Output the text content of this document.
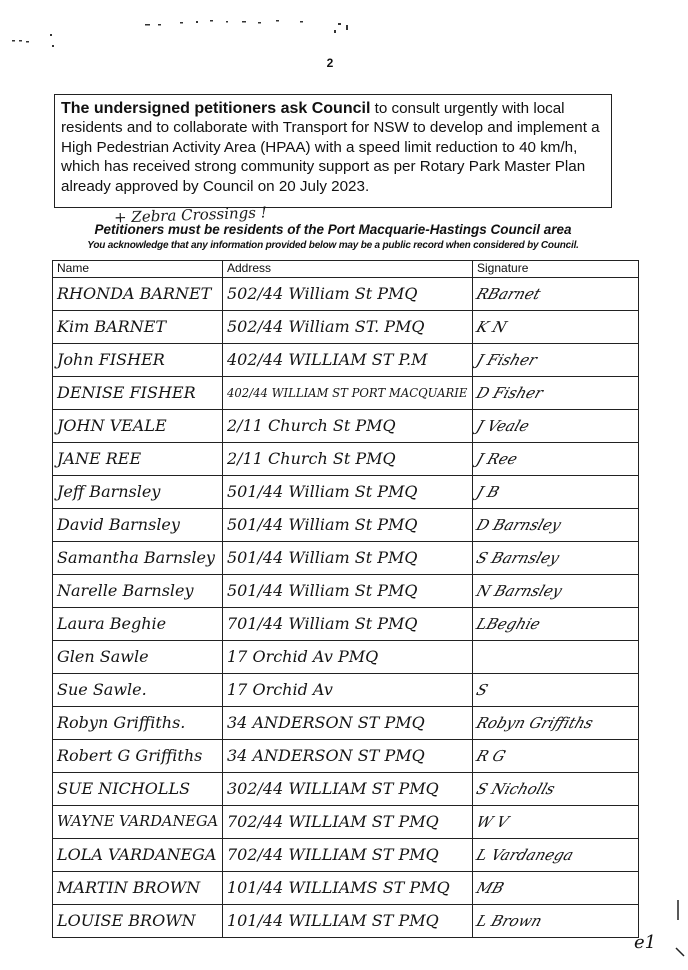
2
The undersigned petitioners ask Council to consult urgently with local residents and to collaborate with Transport for NSW to develop and implement a High Pedestrian Activity Area (HPAA) with a speed limit reduction to 40 km/h, which has received strong community support as per Rotary Park Master Plan already approved by Council on 20 July 2023.
+ Zebra Crossings !
Petitioners must be residents of the Port Macquarie-Hastings Council area
You acknowledge that any information provided below may be a public record when considered by Council.
Name	Address	Signature
RHONDA BARNET	502/44 William St PMQ	RBarnet
Kim BARNET	502/44 William ST. PMQ	K N
John FISHER	402/44 WILLIAM ST P.M	J Fisher
DENISE FISHER	402/44 WILLIAM ST PORT MACQUARIE	D Fisher
JOHN VEALE	2/11 Church St PMQ	J Veale
JANE REE	2/11 Church St PMQ	J Ree
Jeff Barnsley	501/44 William St PMQ	J B
David Barnsley	501/44 William St PMQ	D Barnsley
Samantha Barnsley	501/44 William St PMQ	S Barnsley
Narelle Barnsley	501/44 William St PMQ	N Barnsley
Laura Beghie	701/44 William St PMQ	LBeghie
Glen Sawle	17 Orchid Av PMQ	
Sue Sawle.	17 Orchid Av	S
Robyn Griffiths.	34 ANDERSON ST PMQ	Robyn Griffiths
Robert G Griffiths	34 ANDERSON ST PMQ	R G
SUE NICHOLLS	302/44 WILLIAM ST PMQ	S Nicholls
WAYNE VARDANEGA	702/44 WILLIAM ST PMQ	W V
LOLA VARDANEGA	702/44 WILLIAM ST PMQ	L Vardanega
MARTIN BROWN	101/44 WILLIAMS ST PMQ	MB
LOUISE BROWN	101/44 WILLIAM ST PMQ	L Brown
e1
